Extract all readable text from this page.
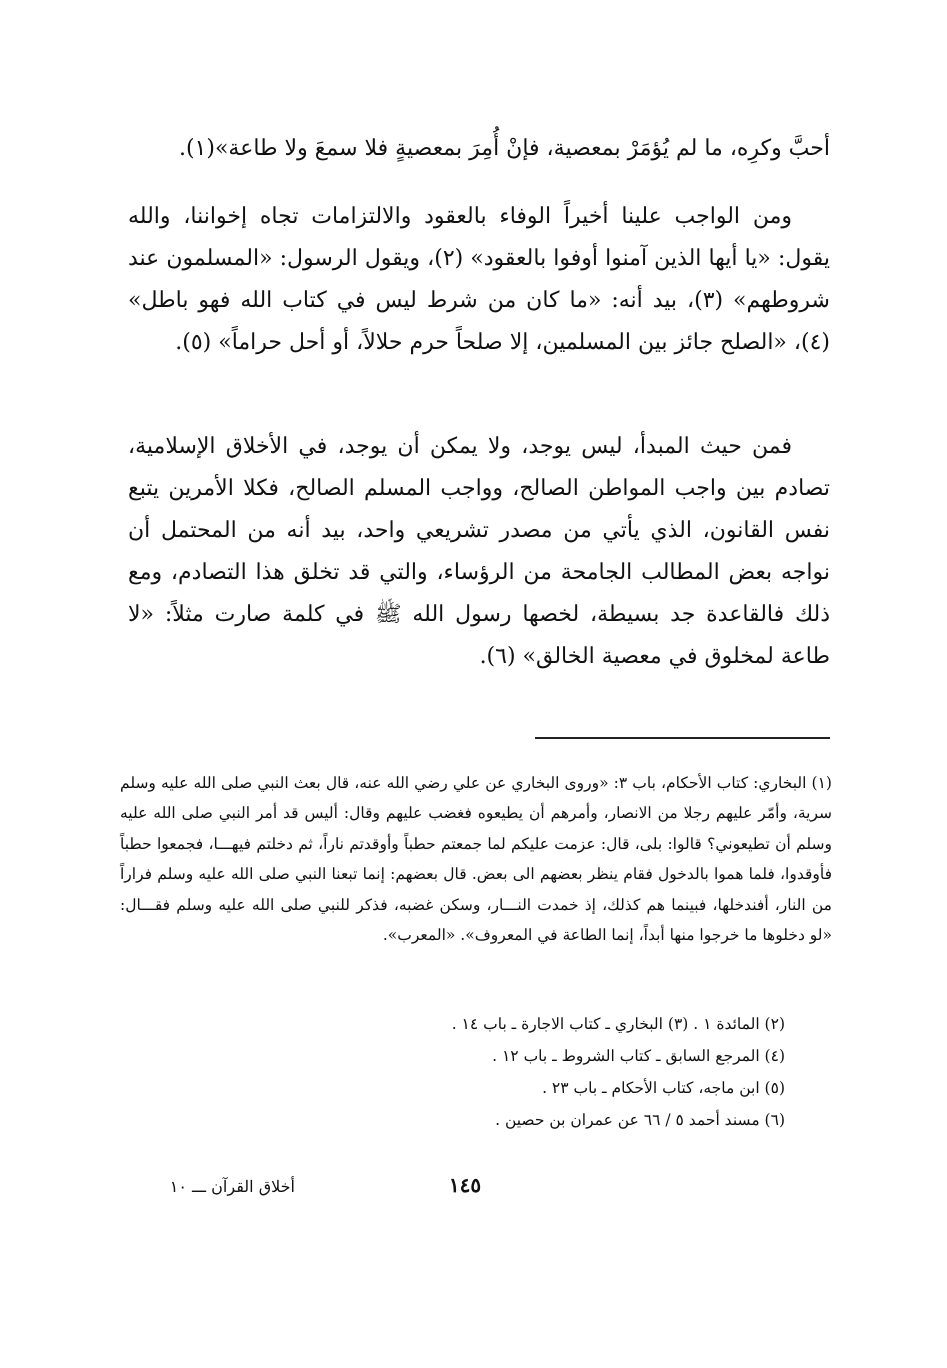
أحبَّ وكرِه، ما لم يُؤمَرْ بمعصية، فإنْ أُمِرَ بمعصيةٍ فلا سمعَ ولا طاعة»(١).

ومن الواجب علينا أخيراً الوفاء بالعقود والالتزامات تجاه إخواننا، والله يقول: «يا أيها الذين آمنوا أوفوا بالعقود» (٢)، ويقول الرسول: «المسلمون عند شروطهم» (٣)، بيد أنه: «ما كان من شرط ليس في كتاب الله فهو باطل» (٤)، «الصلح جائز بين المسلمين، إلا صلحاً حرم حلالاً، أو أحل حراماً» (٥).

فمن حيث المبدأ، ليس يوجد، ولا يمكن أن يوجد، في الأخلاق الإسلامية، تصادم بين واجب المواطن الصالح، وواجب المسلم الصالح، فكلا الأمرين يتبع نفس القانون، الذي يأتي من مصدر تشريعي واحد، بيد أنه من المحتمل أن نواجه بعض المطالب الجامحة من الرؤساء، والتي قد تخلق هذا التصادم، ومع ذلك فالقاعدة جد بسيطة، لخصها رسول الله ﷺ في كلمة صارت مثلاً: «لا طاعة لمخلوق في معصية الخالق» (٦).

(١) البخاري: كتاب الأحكام، باب ٣: «وروى البخاري عن علي رضي الله عنه، قال بعث النبي صلى الله عليه وسلم سرية، وأمّر عليهم رجلا من الانصار، وأمرهم أن يطيعوه فغضب عليهم وقال: أليس قد أمر النبي صلى الله عليه وسلم أن تطيعوني؟ قالوا: بلى، قال: عزمت عليكم لما جمعتم حطباً وأوقدتم ناراً، ثم دخلتم فيهـــا، فجمعوا حطباً فأوقدوا، فلما هموا بالدخول فقام ينظر بعضهم الى بعض. قال بعضهم: إنما تبعنا النبي صلى الله عليه وسلم فراراً من النار، أفندخلها، فبينما هم كذلك، إذ خمدت النـــار، وسكن غضبه، فذكر للنبي صلى الله عليه وسلم فقـــال: «لو دخلوها ما خرجوا منها أبداً، إنما الطاعة في المعروف». «المعرب».

(٢) المائدة ١ . (٣) البخاري ـ كتاب الاجارة ـ باب ١٤ .
(٤) المرجع السابق ـ كتاب الشروط ـ باب ١٢ .
(٥) ابن ماجه، كتاب الأحكام ـ باب ٢٣ .
(٦) مسند أحمد ٥ / ٦٦ عن عمران بن حصين .
أخلاق القرآن ـــ ١٠	١٤٥
